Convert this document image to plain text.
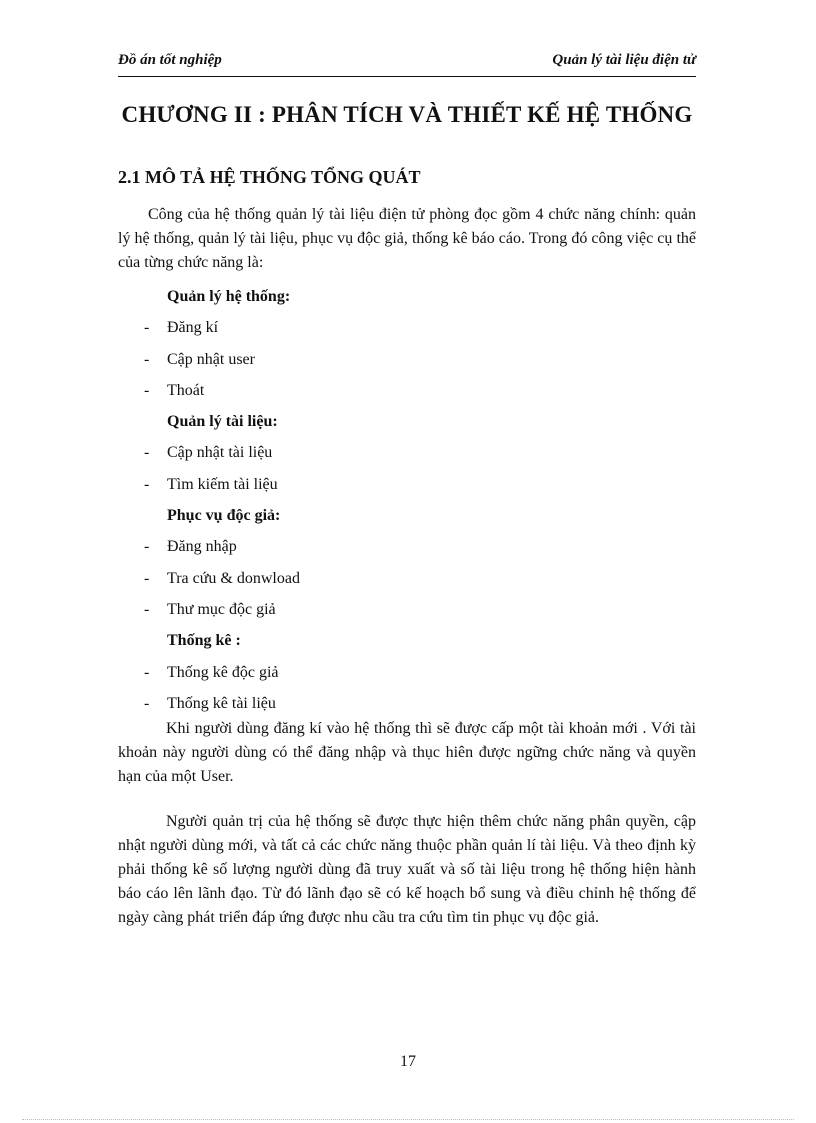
Đồ án tốt nghiệp	Quản lý tài liệu điện tử
CHƯƠNG II : PHÂN TÍCH VÀ THIẾT KẾ HỆ THỐNG
2.1 MÔ TẢ HỆ THỐNG TỔNG QUÁT

Công của hệ thống quản lý tài liệu điện tử phòng đọc gồm 4 chức năng chính: quản lý hệ thống, quản lý tài liệu, phục vụ độc giả, thống kê báo cáo. Trong đó công việc cụ thể của từng chức năng là:

Quản lý hệ thống:
- Đăng kí
- Cập nhật user
- Thoát
Quản lý tài liệu:
- Cập nhật tài liệu
- Tìm kiếm tài liệu
Phục vụ độc giả:
- Đăng nhập
- Tra cứu & donwload
- Thư mục độc giả
Thống kê :
- Thống kê độc giả
- Thống kê tài liệu

Khi người dùng đăng kí vào hệ thống thì sẽ được cấp một tài khoản mới . Với tài khoản này người dùng có thể đăng nhập và thục hiên được ngững chức năng và quyền hạn của một User.

Người quản trị của hệ thống sẽ được thực hiện thêm chức năng phân quyền, cập nhật người dùng mới, và tất cả các chức năng thuộc phần quản lí tài liệu. Và theo định kỳ phải thống kê số lượng người dùng đã truy xuất và số tài liệu trong hệ thống hiện hành báo cáo lên lãnh đạo. Từ đó lãnh đạo sẽ có kế hoạch bổ sung và điều chỉnh hệ thống để ngày càng phát triển đáp ứng được nhu cầu tra cứu tìm tin phục vụ độc giả.

17
